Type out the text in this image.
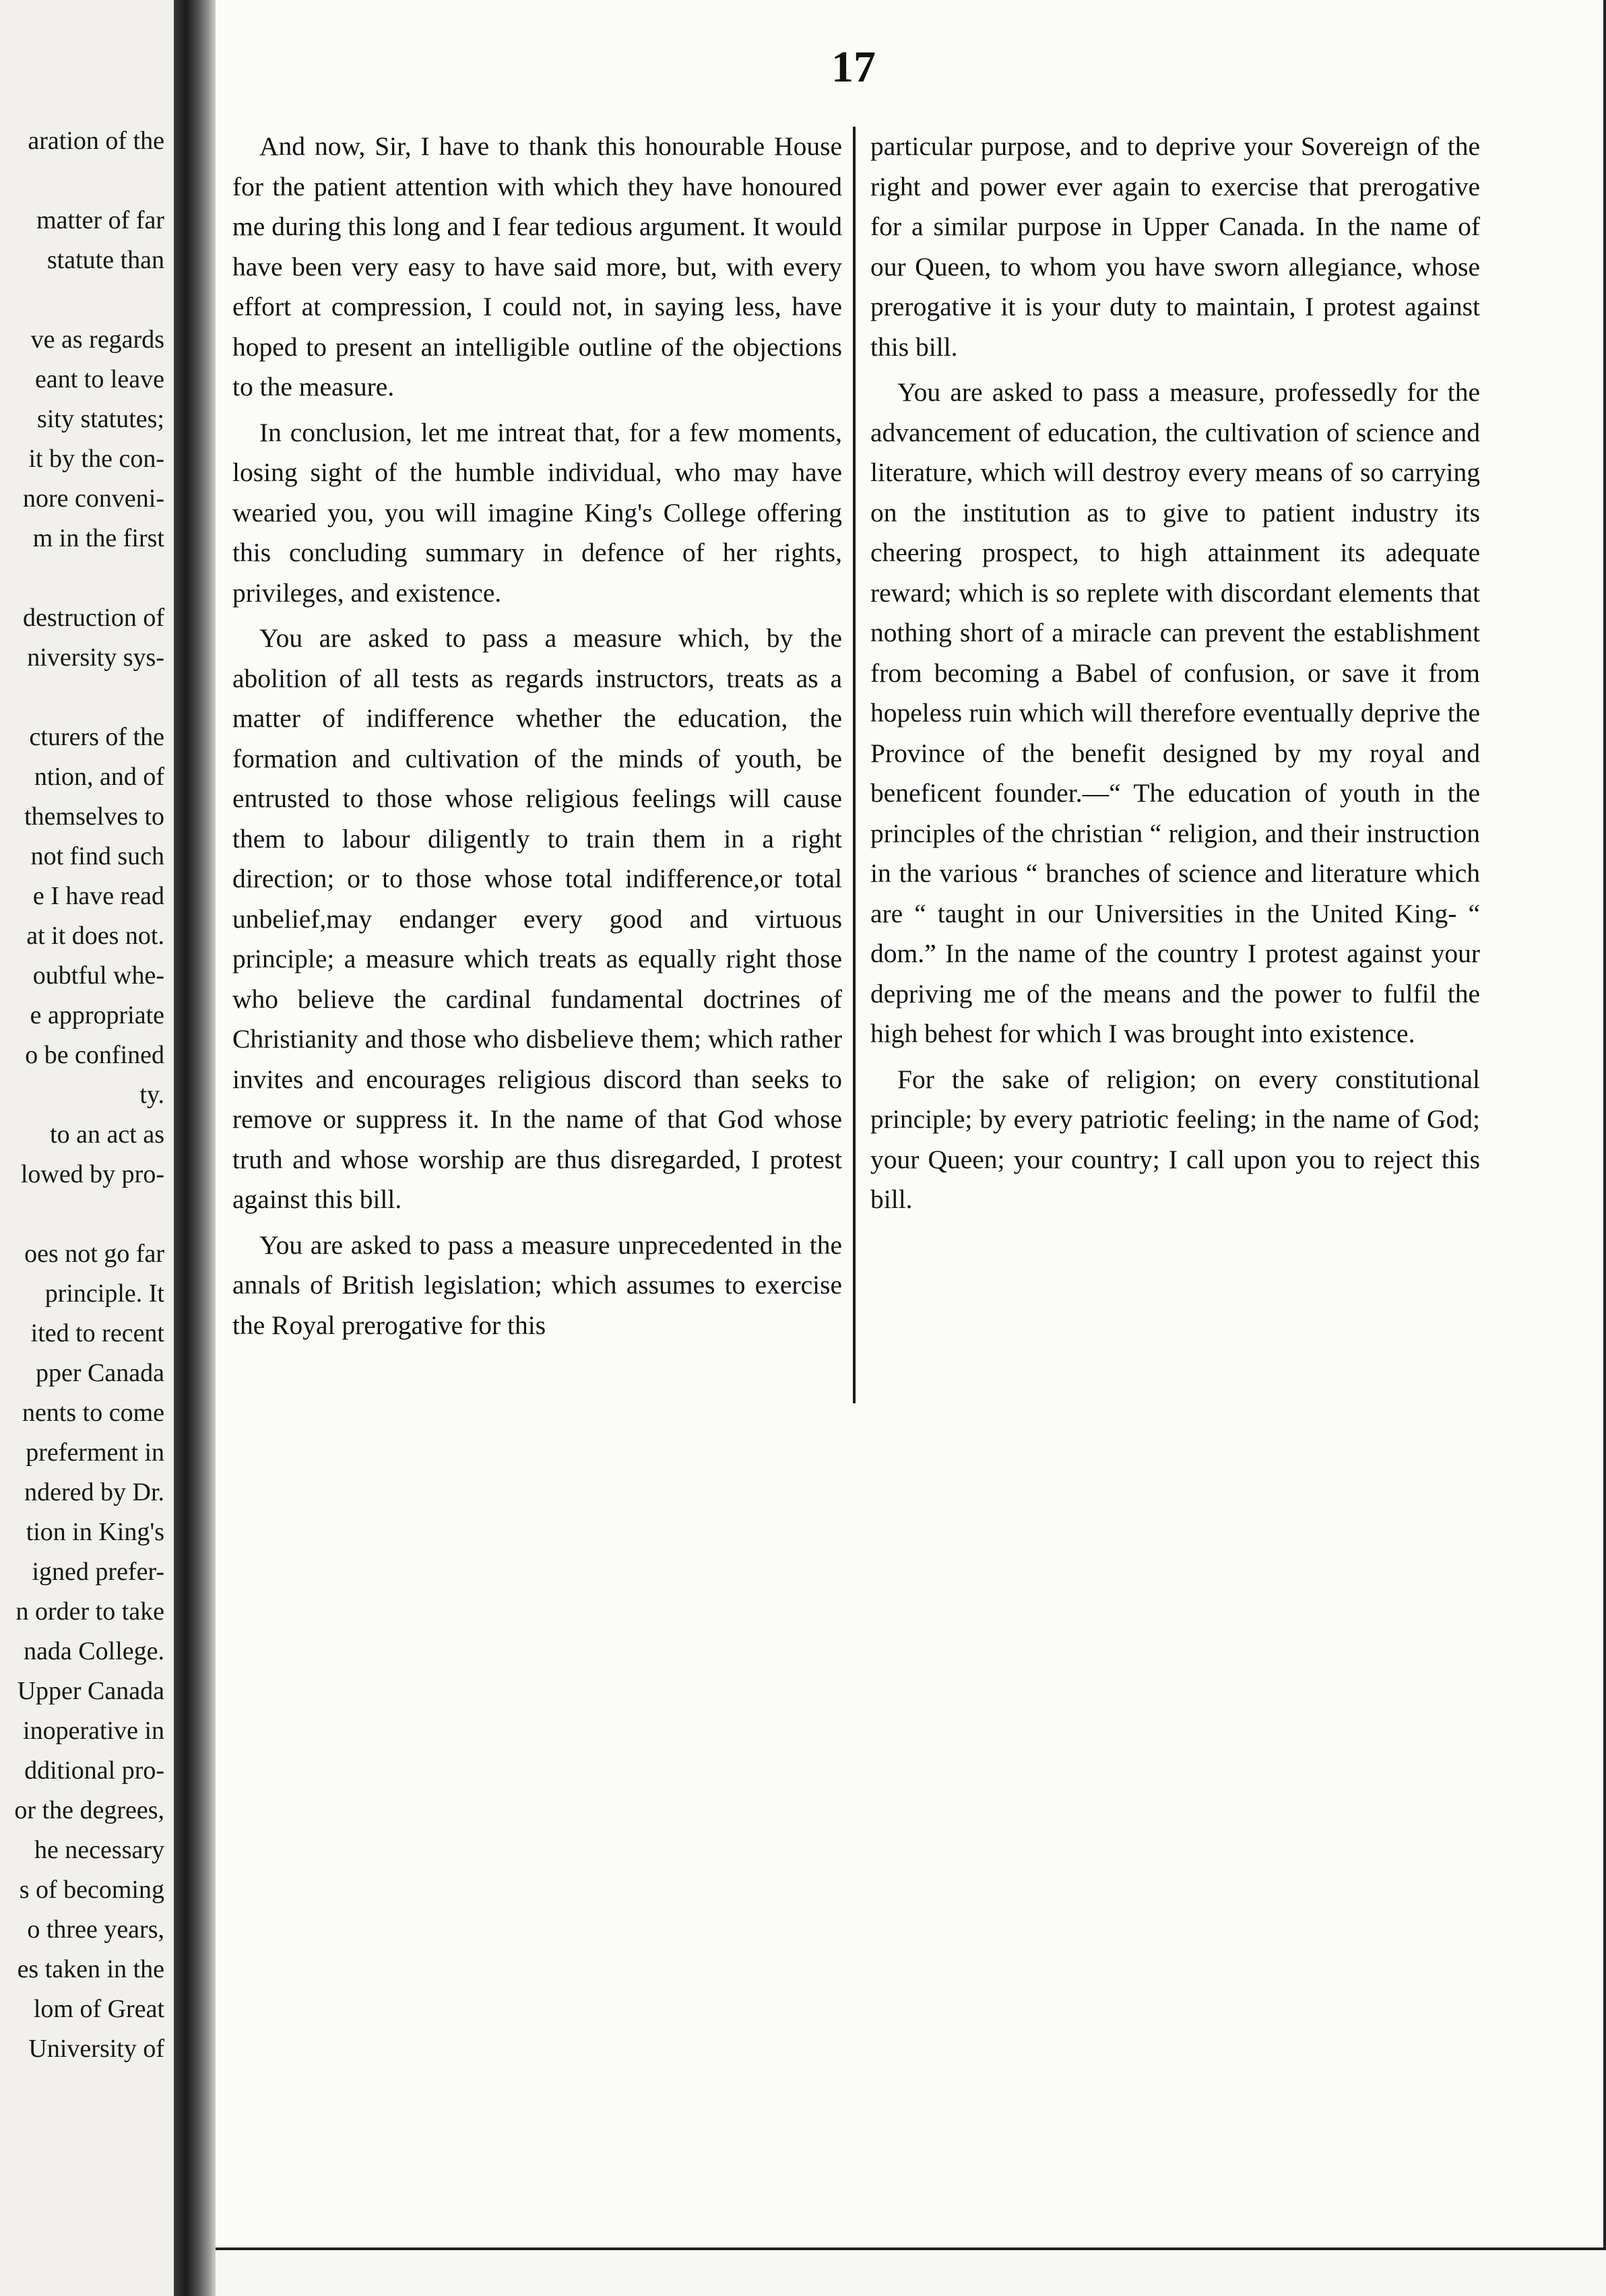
aration of the

matter of far
statute than

ve as regards
eant to leave
sity statutes;
it by the con-
nore conveni-
m in the first

destruction of
niversity sys-

cturers of the
ntion, and of
themselves to
not find such
e I have read
at it does not.
oubtful whe-
e appropriate
o be confined
ty.
to an act as
lowed by pro-

oes not go far
principle. It
ited to recent
pper Canada
nents to come
preferment in
ndered by Dr.
tion in King's
igned prefer-
n order to take
nada College.
Upper Canada
inoperative in
dditional pro-
or the degrees,
he necessary
s of becoming
o three years,
es taken in the
lom of Great
University of
17

And now, Sir, I have to thank this honourable House for the patient attention with which they have honoured me during this long and I fear tedious argument. It would have been very easy to have said more, but, with every effort at compression, I could not, in saying less, have hoped to present an intelligible outline of the objections to the measure.

In conclusion, let me intreat that, for a few moments, losing sight of the humble individual, who may have wearied you, you will imagine King's College offering this concluding summary in defence of her rights, privileges, and existence.

You are asked to pass a measure which, by the abolition of all tests as regards instructors, treats as a matter of indifference whether the education, the formation and cultivation of the minds of youth, be entrusted to those whose religious feelings will cause them to labour diligently to train them in a right direction; or to those whose total indifference,or total unbelief,may endanger every good and virtuous principle; a measure which treats as equally right those who believe the cardinal fundamental doctrines of Christianity and those who disbelieve them; which rather invites and encourages religious discord than seeks to remove or suppress it. In the name of that God whose truth and whose worship are thus disregarded, I protest against this bill.

You are asked to pass a measure unprecedented in the annals of British legislation; which assumes to exercise the Royal prerogative for this

particular purpose, and to deprive your Sovereign of the right and power ever again to exercise that prerogative for a similar purpose in Upper Canada. In the name of our Queen, to whom you have sworn allegiance, whose prerogative it is your duty to maintain, I protest against this bill.

You are asked to pass a measure, professedly for the advancement of education, the cultivation of science and literature, which will destroy every means of so carrying on the institution as to give to patient industry its cheering prospect, to high attainment its adequate reward; which is so replete with discordant elements that nothing short of a miracle can prevent the establishment from becoming a Babel of confusion, or save it from hopeless ruin which will therefore eventually deprive the Province of the benefit designed by my royal and beneficent founder.—“ The education of youth in the principles of the christian “ religion, and their instruction in the various “ branches of science and literature which are “ taught in our Universities in the United King- “ dom.” In the name of the country I protest against your depriving me of the means and the power to fulfil the high behest for which I was brought into existence.

For the sake of religion; on every constitutional principle; by every patriotic feeling; in the name of God; your Queen; your country; I call upon you to reject this bill.
